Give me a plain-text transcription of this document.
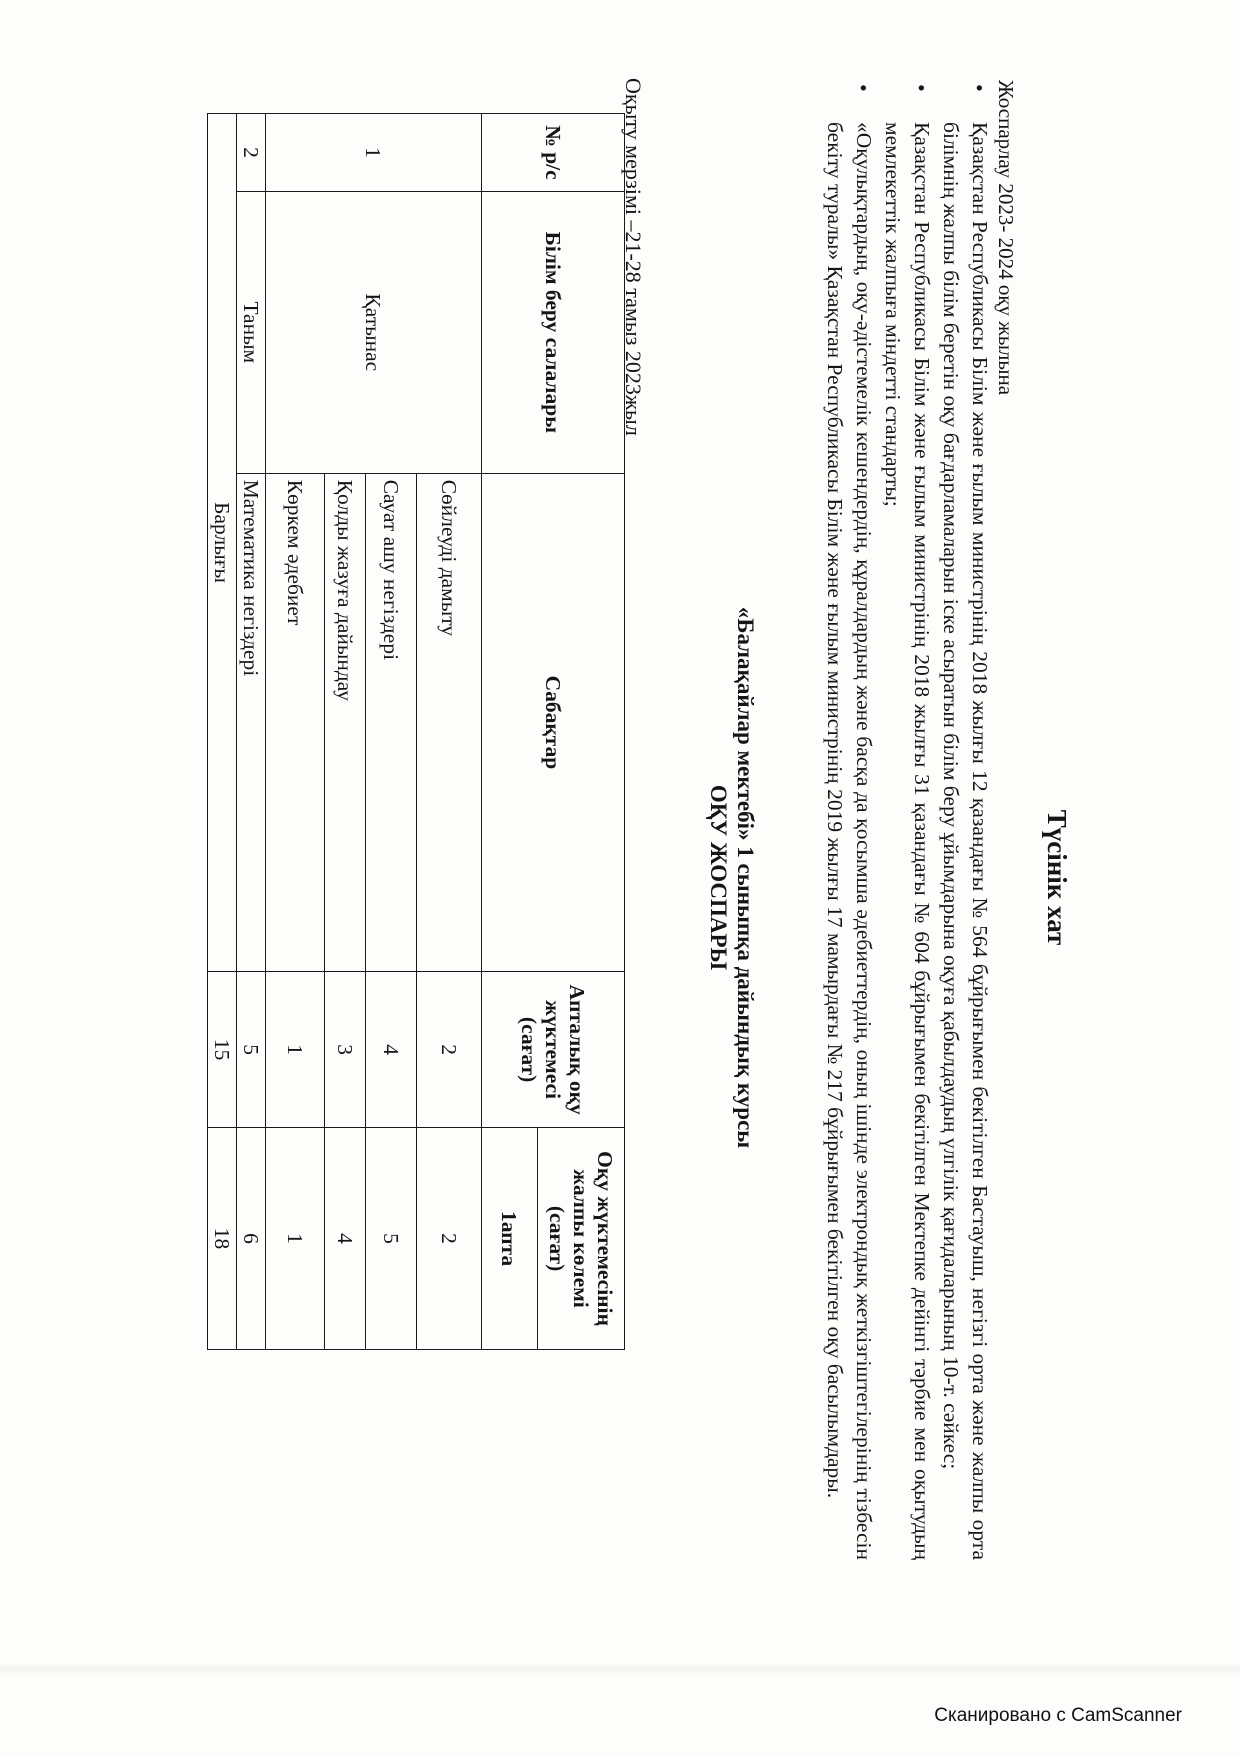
Түсінік хат
Жоспарлау 2023- 2024 оқу жылына
• Қазақстан Республикасы Білім және ғылым министрінің 2018 жылғы 12 қазандағы № 564 бұйрығымен бекітілген Бастауыш, негізгі орта және жалпы орта білімнің жалпы білім беретін оқу бағдарламаларын іске асыратын білім беру ұйымдарына оқуға қабылдаудың үлгілік қағидаларының 10-т. сәйкес;
• Қазақстан Республикасы Білім және ғылым министрінің 2018 жылғы 31 қазандағы № 604 бұйрығымен бекітілген Мектепке дейінгі тәрбие мен оқытудың мемлекеттік жалпыға міндетті стандарты;
• «Оқулықтардың, оқу-әдістемелік кешендердің, құралдардың және басқа да қосымша әдебиеттердің, оның ішінде электрондық жеткізгіштегілерінің тізбесін бекіту туралы» Қазақстан Республикасы Білім және ғылым министрінің 2019 жылғы 17 мамырдағы № 217 бұйрығымен бекітілген оқу басылымдары.
«Балақайлар мектебі» 1 сыныпқа дайындық курсы
ОҚУ ЖОСПАРЫ
Оқыту мерзімі –21-28 тамыз 2023жыл
№ р/с	Білім беру салалары	Сабақтар	Апталық оқу жүктемесі (сағат)	Оқу жүктемесінің жалпы көлемі (сағат)
				1апта
1	Қатынас	Сөйлеуді дамыту	2	2
		Сауат ашу негіздері	4	5
		Қолды жазуға дайындау	3	4
		Көркем әдебиет	1	1
2	Таным	Математика негіздері	5	6
Барлығы			15	18
Сканировано с CamScanner
